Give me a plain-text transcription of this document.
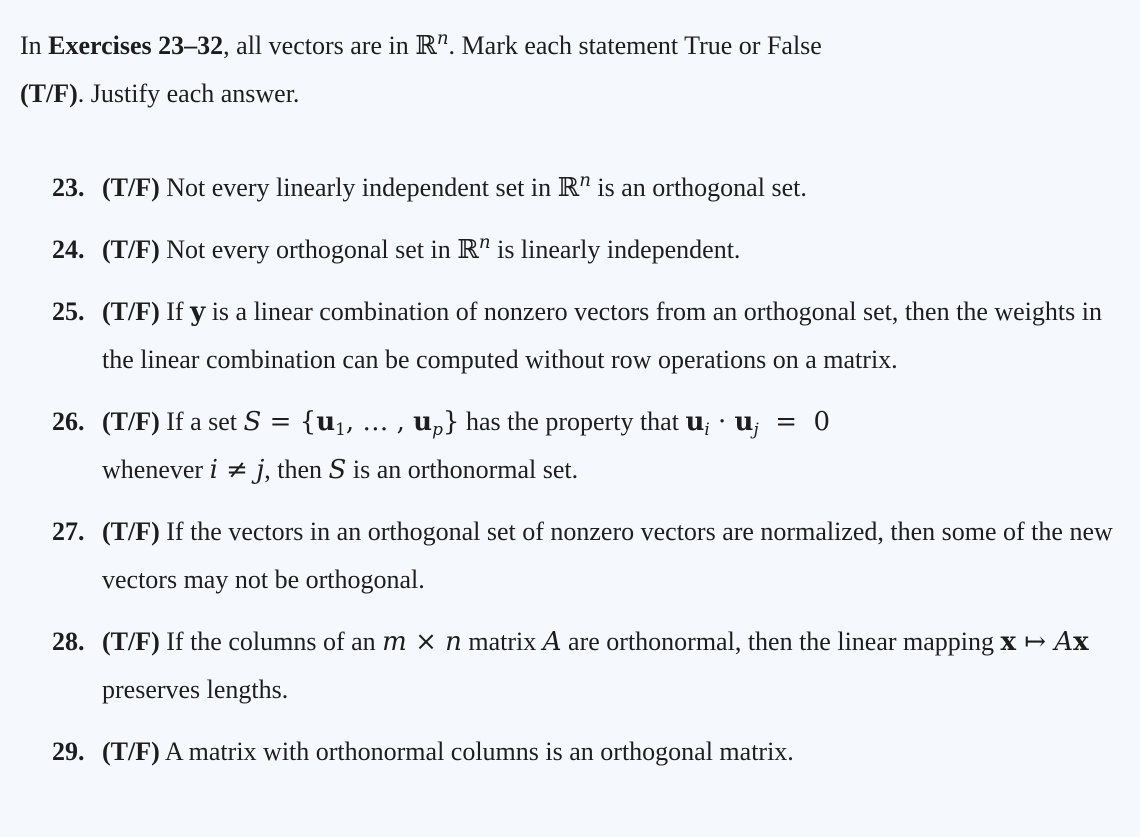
In Exercises 23–32, all vectors are in ℝ$^n$. Mark each statement True or False
(T/F). Justify each answer.
23. (T/F) Not every linearly independent set in ℝ$^n$ is an orthogonal set.
24. (T/F) Not every orthogonal set in ℝ$^n$ is linearly independent.
25. (T/F) If y is a linear combination of nonzero vectors from an orthogonal set, then the weights in the linear combination can be computed without row operations on a matrix.
26. (T/F) If a set $S = \{u_1$, … , $u_p$} has the property that $u_i \cdot u_j = 0$
whenever i ≠ j, then S is an orthonormal set.
27. (T/F) If the vectors in an orthogonal set of nonzero vectors are normalized, then some of the new vectors may not be orthogonal.
28. (T/F) If the columns of an m × n matrix A are orthonormal, then the linear mapping x ↦ Ax preserves lengths.
29. (T/F) A matrix with orthonormal columns is an orthogonal matrix.
